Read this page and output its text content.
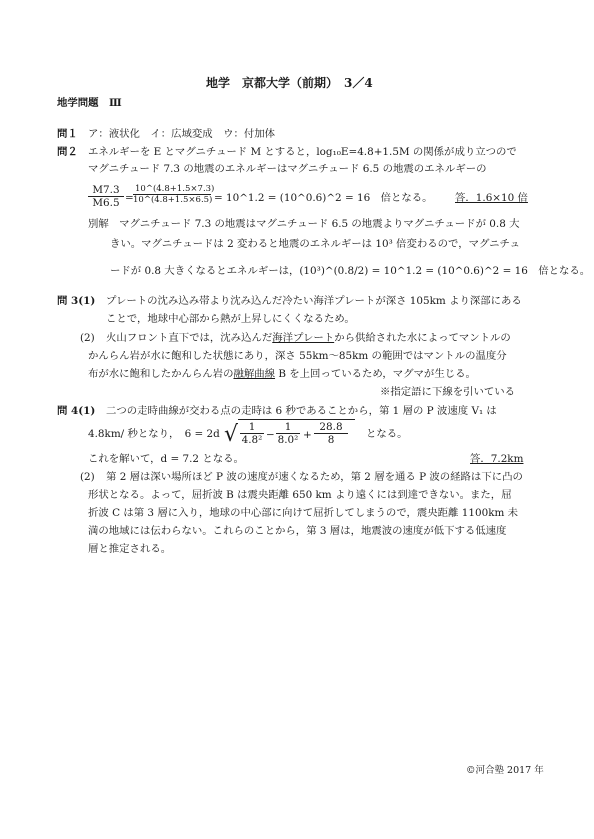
地学　京都大学（前期）　3／4
地学問題　Ⅲ
問１ ア：液状化　イ：広域変成　ウ：付加体
問２ エネルギーを E とマグニチュード M とすると，log₁₀E=4.8+1.5M の関係が成り立つので
マグニチュード 7.3 の地震のエネルギーはマグニチュード 6.5 の地震のエネルギーの
$\frac{M7.3}{M6.5} = \frac{10\^{}(4.8+1.5\times 7.3)}{10\^{}(4.8+1.5\times 6.5)}$ = 10^1.2 = (10^0.6)^2 = 16　倍となる。 答．1.6×10 倍
別解　マグニチュード 7.3 の地震はマグニチュード 6.5 の地震よりマグニチュードが 0.8 大
きい。マグニチュードは 2 変わると地震のエネルギーは 10³ 倍変わるので，マグニチュ
ードが 0.8 大きくなるとエネルギーは，(10³)^(0.8/2) = 10^1.2 = (10^0.6)^2 = 16　倍となる。
問 3(1) プレートの沈み込み帯より沈み込んだ冷たい海洋プレートが深さ 105km より深部にある
ことで，地球中心部から熱が上昇しにくくなるため。
(2) 火山フロント直下では，沈み込んだ海洋プレートから供給された水によってマントルの
かんらん岩が水に飽和した状態にあり，深さ 55km〜85km の範囲ではマントルの温度分
布が水に飽和したかんらん岩の融解曲線 B を上回っているため，マグマが生じる。
※指定語に下線を引いている
問 4(1) 二つの走時曲線が交わる点の走時は 6 秒であることから，第 1 層の P 波速度 V₁ は
4.8km/ 秒となり，　6 = 2d √ $\frac{1}{\text{4.8²}} - \frac{1}{\text{8.0²}} + \frac{28.8}{8}$ となる。
これを解いて，d = 7.2 となる。	答．7.2km
(2) 第 2 層は深い場所ほど P 波の速度が速くなるため，第 2 層を通る P 波の経路は下に凸の
形状となる。よって，屈折波 B は震央距離 650 km より遠くには到達できない。また，屈
折波 C は第 3 層に入り，地球の中心部に向けて屈折してしまうので，震央距離 1100km 未
満の地域には伝わらない。これらのことから，第 3 層は，地震波の速度が低下する低速度
層と推定される。
©河合塾 2017 年
